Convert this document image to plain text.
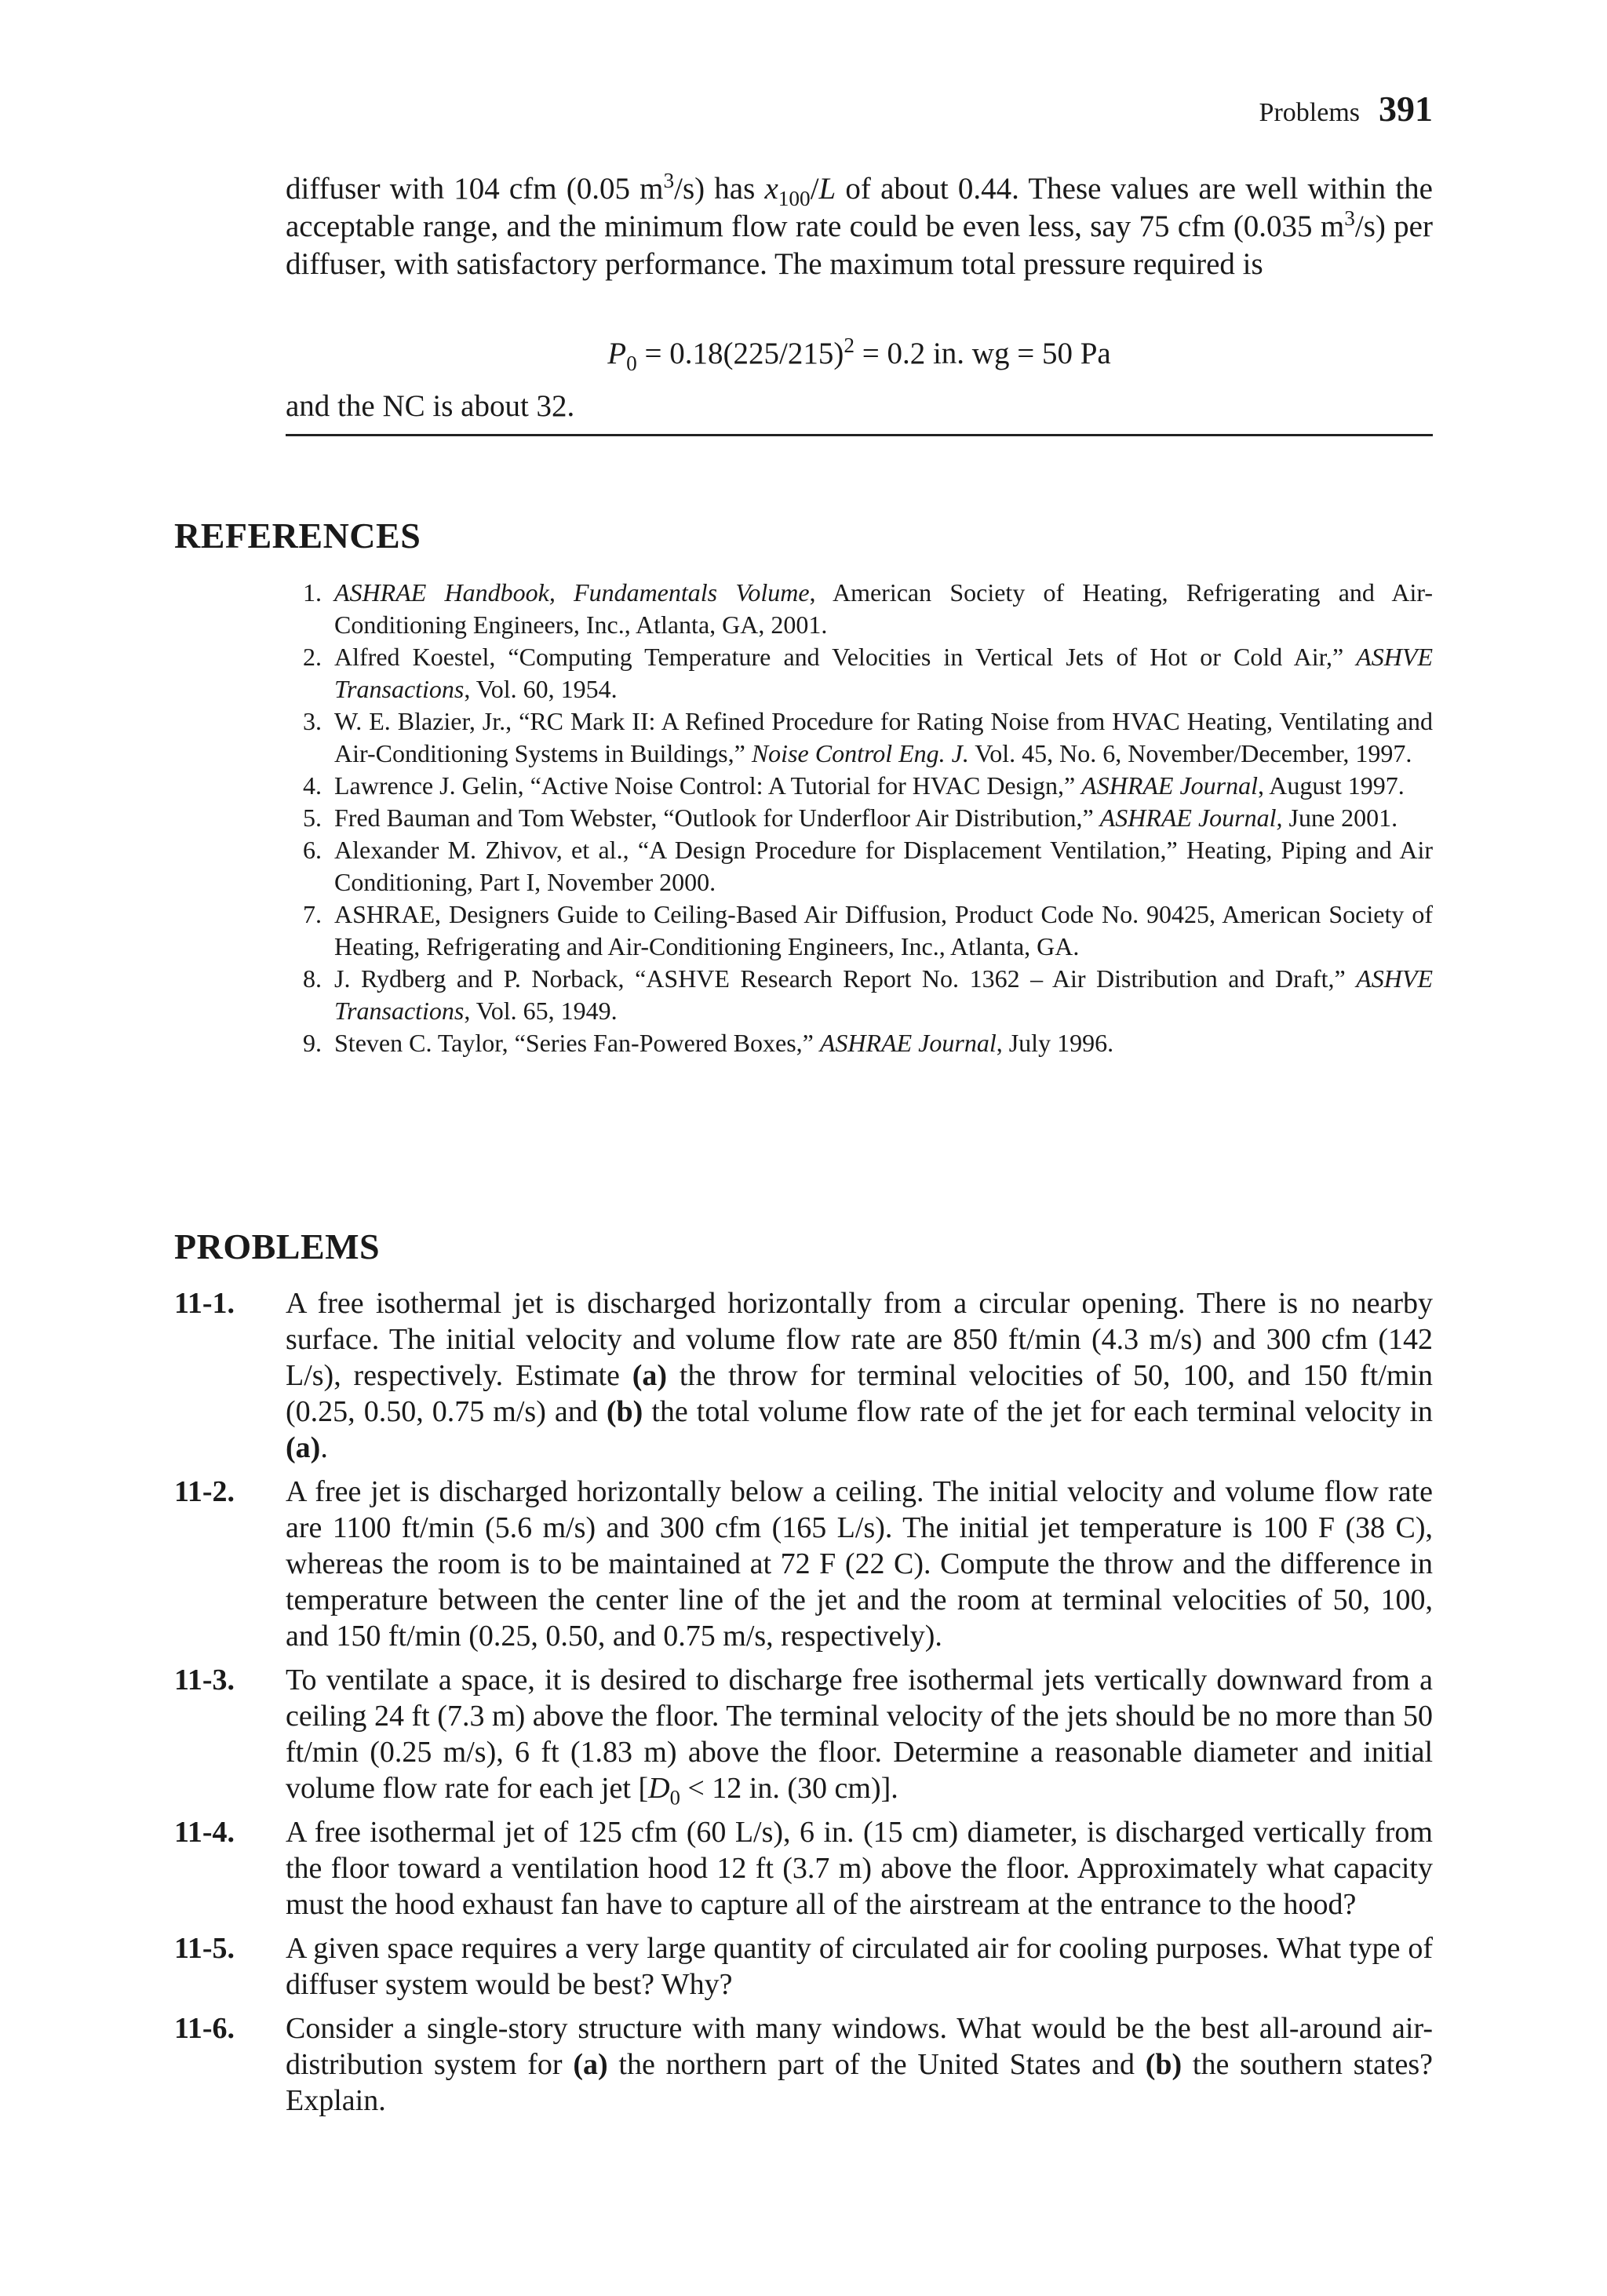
Problems 391

diffuser with 104 cfm (0.05 $m^3/s$) has $x_{100}/L$ of about 0.44. These values are well within the acceptable range, and the minimum flow rate could be even less, say 75 cfm (0.035 $m^3/s$) per diffuser, with satisfactory performance. The maximum total pressure required is

$P_0 = 0.18(225/215)^2 = 0.2$ in. wg = 50 Pa

and the NC is about 32.

REFERENCES
1. ASHRAE Handbook, Fundamentals Volume, American Society of Heating, Refrigerating and Air-Conditioning Engineers, Inc., Atlanta, GA, 2001.
2. Alfred Koestel, “Computing Temperature and Velocities in Vertical Jets of Hot or Cold Air,” ASHVE Transactions, Vol. 60, 1954.
3. W. E. Blazier, Jr., “RC Mark II: A Refined Procedure for Rating Noise from HVAC Heating, Ventilating and Air-Conditioning Systems in Buildings,” Noise Control Eng. J. Vol. 45, No. 6, November/December, 1997.
4. Lawrence J. Gelin, “Active Noise Control: A Tutorial for HVAC Design,” ASHRAE Journal, August 1997.
5. Fred Bauman and Tom Webster, “Outlook for Underfloor Air Distribution,” ASHRAE Journal, June 2001.
6. Alexander M. Zhivov, et al., “A Design Procedure for Displacement Ventilation,” Heating, Piping and Air Conditioning, Part I, November 2000.
7. ASHRAE, Designers Guide to Ceiling-Based Air Diffusion, Product Code No. 90425, American Society of Heating, Refrigerating and Air-Conditioning Engineers, Inc., Atlanta, GA.
8. J. Rydberg and P. Norback, “ASHVE Research Report No. 1362 – Air Distribution and Draft,” ASHVE Transactions, Vol. 65, 1949.
9. Steven C. Taylor, “Series Fan-Powered Boxes,” ASHRAE Journal, July 1996.
PROBLEMS
11-1. A free isothermal jet is discharged horizontally from a circular opening. There is no nearby surface. The initial velocity and volume flow rate are 850 ft/min (4.3 m/s) and 300 cfm (142 L/s), respectively. Estimate (a) the throw for terminal velocities of 50, 100, and 150 ft/min (0.25, 0.50, 0.75 m/s) and (b) the total volume flow rate of the jet for each terminal velocity in (a).
11-2. A free jet is discharged horizontally below a ceiling. The initial velocity and volume flow rate are 1100 ft/min (5.6 m/s) and 300 cfm (165 L/s). The initial jet temperature is 100 F (38 C), whereas the room is to be maintained at 72 F (22 C). Compute the throw and the difference in temperature between the center line of the jet and the room at terminal velocities of 50, 100, and 150 ft/min (0.25, 0.50, and 0.75 m/s, respectively).
11-3. To ventilate a space, it is desired to discharge free isothermal jets vertically downward from a ceiling 24 ft (7.3 m) above the floor. The terminal velocity of the jets should be no more than 50 ft/min (0.25 m/s), 6 ft (1.83 m) above the floor. Determine a reasonable diameter and initial volume flow rate for each jet [$D_0 < 12$ in. (30 cm)].
11-4. A free isothermal jet of 125 cfm (60 L/s), 6 in. (15 cm) diameter, is discharged vertically from the floor toward a ventilation hood 12 ft (3.7 m) above the floor. Approximately what capacity must the hood exhaust fan have to capture all of the airstream at the entrance to the hood?
11-5. A given space requires a very large quantity of circulated air for cooling purposes. What type of diffuser system would be best? Why?
11-6. Consider a single-story structure with many windows. What would be the best all-around air-distribution system for (a) the northern part of the United States and (b) the southern states? Explain.
